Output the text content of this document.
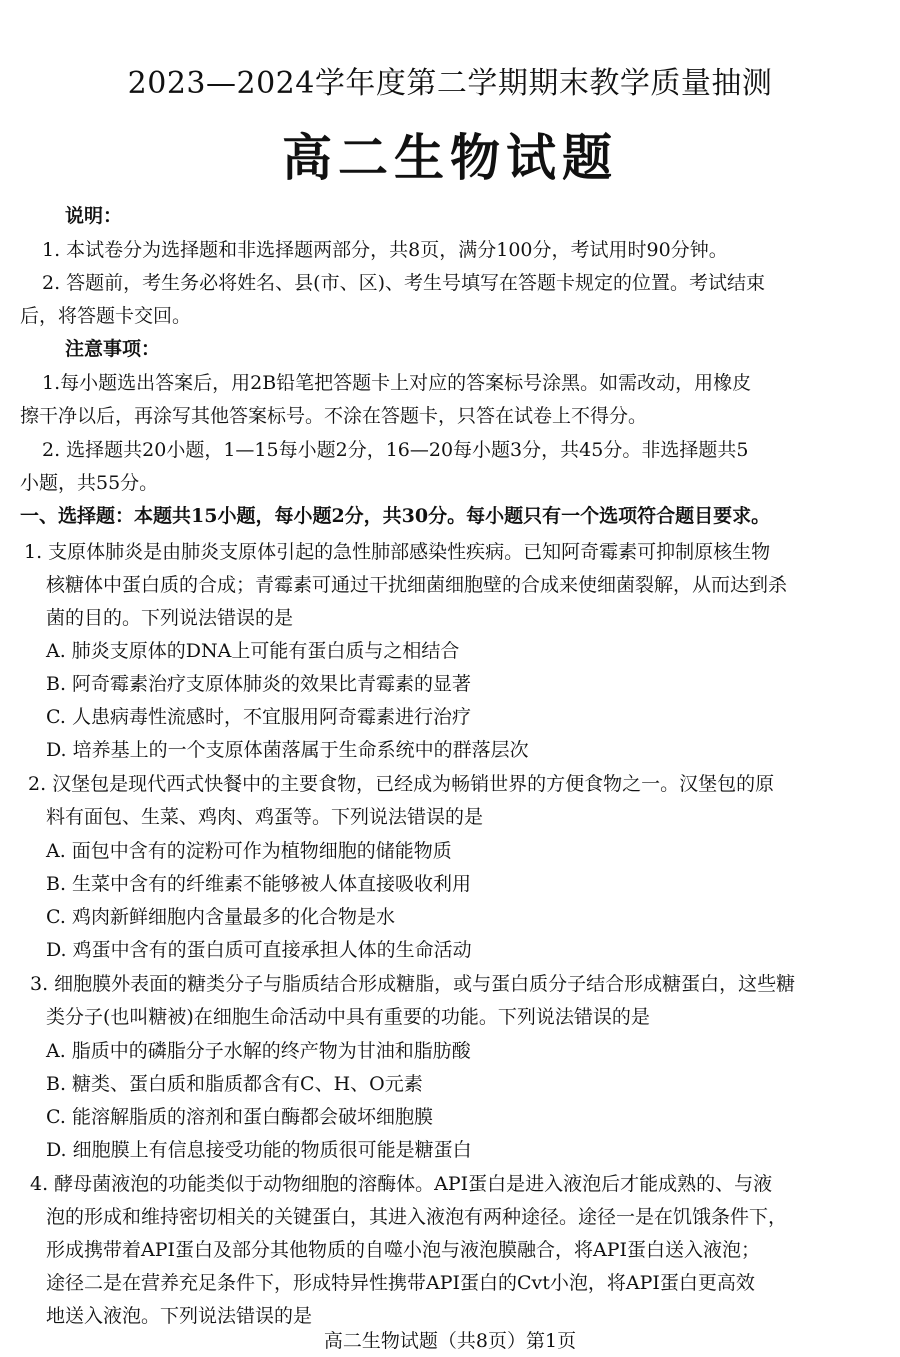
2023—2024学年度第二学期期末教学质量抽测
高二生物试题
说明：
1. 本试卷分为选择题和非选择题两部分，共8页，满分100分，考试用时90分钟。
2. 答题前，考生务必将姓名、县(市、区)、考生号填写在答题卡规定的位置。考试结束
后，将答题卡交回。
注意事项：
1.每小题选出答案后，用2B铅笔把答题卡上对应的答案标号涂黑。如需改动，用橡皮
擦干净以后，再涂写其他答案标号。不涂在答题卡，只答在试卷上不得分。
2. 选择题共20小题，1—15每小题2分，16—20每小题3分，共45分。非选择题共5
小题，共55分。
一、选择题：本题共15小题，每小题2分，共30分。每小题只有一个选项符合题目要求。
1. 支原体肺炎是由肺炎支原体引起的急性肺部感染性疾病。已知阿奇霉素可抑制原核生物
核糖体中蛋白质的合成；青霉素可通过干扰细菌细胞壁的合成来使细菌裂解，从而达到杀
菌的目的。下列说法错误的是
A. 肺炎支原体的DNA上可能有蛋白质与之相结合
B. 阿奇霉素治疗支原体肺炎的效果比青霉素的显著
C. 人患病毒性流感时，不宜服用阿奇霉素进行治疗
D. 培养基上的一个支原体菌落属于生命系统中的群落层次
2. 汉堡包是现代西式快餐中的主要食物，已经成为畅销世界的方便食物之一。汉堡包的原
料有面包、生菜、鸡肉、鸡蛋等。下列说法错误的是
A. 面包中含有的淀粉可作为植物细胞的储能物质
B. 生菜中含有的纤维素不能够被人体直接吸收利用
C. 鸡肉新鲜细胞内含量最多的化合物是水
D. 鸡蛋中含有的蛋白质可直接承担人体的生命活动
3. 细胞膜外表面的糖类分子与脂质结合形成糖脂，或与蛋白质分子结合形成糖蛋白，这些糖
类分子(也叫糖被)在细胞生命活动中具有重要的功能。下列说法错误的是
A. 脂质中的磷脂分子水解的终产物为甘油和脂肪酸
B. 糖类、蛋白质和脂质都含有C、H、O元素
C. 能溶解脂质的溶剂和蛋白酶都会破坏细胞膜
D. 细胞膜上有信息接受功能的物质很可能是糖蛋白
4. 酵母菌液泡的功能类似于动物细胞的溶酶体。API蛋白是进入液泡后才能成熟的、与液
泡的形成和维持密切相关的关键蛋白，其进入液泡有两种途径。途径一是在饥饿条件下，
形成携带着API蛋白及部分其他物质的自噬小泡与液泡膜融合，将API蛋白送入液泡；
途径二是在营养充足条件下，形成特异性携带API蛋白的Cvt小泡，将API蛋白更高效
地送入液泡。下列说法错误的是
高二生物试题（共8页）第1页
